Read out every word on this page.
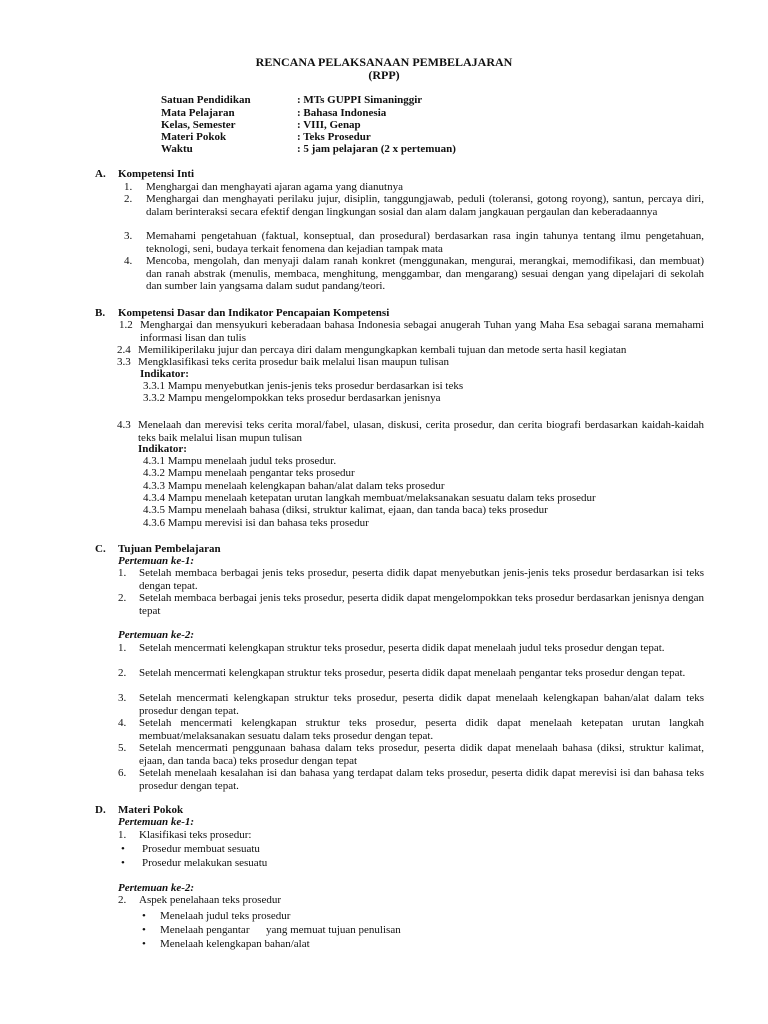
RENCANA PELAKSANAAN PEMBELAJARAN
(RPP)
Satuan Pendidikan	: MTs GUPPI Simaninggir
Mata Pelajaran	: Bahasa Indonesia
Kelas, Semester	: VIII, Genap
Materi Pokok	: Teks Prosedur
Waktu	: 5 jam pelajaran (2 x pertemuan)
A. Kompetensi Inti
1. Menghargai dan menghayati ajaran agama yang dianutnya
2. Menghargai dan menghayati perilaku jujur, disiplin, tanggungjawab, peduli (toleransi, gotong royong), santun, percaya diri, dalam berinteraksi secara efektif dengan lingkungan sosial dan alam dalam jangkauan pergaulan dan keberadaannya
3. Memahami pengetahuan (faktual, konseptual, dan prosedural) berdasarkan rasa ingin tahunya tentang ilmu pengetahuan, teknologi, seni, budaya terkait fenomena dan kejadian tampak mata
4. Mencoba, mengolah, dan menyaji dalam ranah konkret (menggunakan, mengurai, merangkai, memodifikasi, dan membuat) dan ranah abstrak (menulis, membaca, menghitung, menggambar, dan mengarang) sesuai dengan yang dipelajari di sekolah dan sumber lain yangsama dalam sudut pandang/teori.
B. Kompetensi Dasar dan Indikator Pencapaian Kompetensi
1.2 Menghargai dan mensyukuri keberadaan bahasa Indonesia sebagai anugerah Tuhan yang Maha Esa sebagai sarana memahami informasi lisan dan tulis
2.4 Memilikiperilaku jujur dan percaya diri dalam mengungkapkan kembali tujuan dan metode serta hasil kegiatan
3.3 Mengklasifikasi teks cerita prosedur baik melalui lisan maupun tulisan
Indikator:
3.3.1 Mampu menyebutkan jenis-jenis teks prosedur berdasarkan isi teks
3.3.2 Mampu mengelompokkan teks prosedur berdasarkan jenisnya
4.3 Menelaah dan merevisi teks cerita moral/fabel, ulasan, diskusi, cerita prosedur, dan cerita biografi berdasarkan kaidah-kaidah teks baik melalui lisan mupun tulisan
Indikator:
4.3.1 Mampu menelaah judul teks prosedur.
4.3.2 Mampu menelaah pengantar teks prosedur
4.3.3 Mampu menelaah kelengkapan bahan/alat dalam teks prosedur
4.3.4 Mampu menelaah ketepatan urutan langkah membuat/melaksanakan sesuatu dalam teks prosedur
4.3.5 Mampu menelaah bahasa (diksi, struktur kalimat, ejaan, dan tanda baca) teks prosedur
4.3.6 Mampu merevisi isi dan bahasa teks prosedur
C. Tujuan Pembelajaran
Pertemuan ke-1:
1. Setelah membaca berbagai jenis teks prosedur, peserta didik dapat menyebutkan jenis-jenis teks prosedur berdasarkan isi teks dengan tepat.
2. Setelah membaca berbagai jenis teks prosedur, peserta didik dapat mengelompokkan teks prosedur berdasarkan jenisnya dengan tepat
Pertemuan ke-2:
1. Setelah mencermati kelengkapan struktur teks prosedur, peserta didik dapat menelaah judul teks prosedur dengan tepat.
2. Setelah mencermati kelengkapan struktur teks prosedur, peserta didik dapat menelaah pengantar teks prosedur dengan tepat.
3. Setelah mencermati kelengkapan struktur teks prosedur, peserta didik dapat menelaah kelengkapan bahan/alat dalam teks prosedur dengan tepat.
4. Setelah mencermati kelengkapan struktur teks prosedur, peserta didik dapat menelaah ketepatan urutan langkah membuat/melaksanakan sesuatu dalam teks prosedur dengan tepat.
5. Setelah mencermati penggunaan bahasa dalam teks prosedur, peserta didik dapat menelaah bahasa (diksi, struktur kalimat, ejaan, dan tanda baca) teks prosedur dengan tepat
6. Setelah menelaah kesalahan isi dan bahasa yang terdapat dalam teks prosedur, peserta didik dapat merevisi isi dan bahasa teks prosedur dengan tepat.
D. Materi Pokok
Pertemuan ke-1:
1. Klasifikasi teks prosedur:
• Prosedur membuat sesuatu
• Prosedur melakukan sesuatu
Pertemuan ke-2:
2. Aspek penelahaan teks prosedur
• Menelaah judul teks prosedur
• Menelaah pengantar      yang memuat tujuan penulisan
• Menelaah kelengkapan bahan/alat
